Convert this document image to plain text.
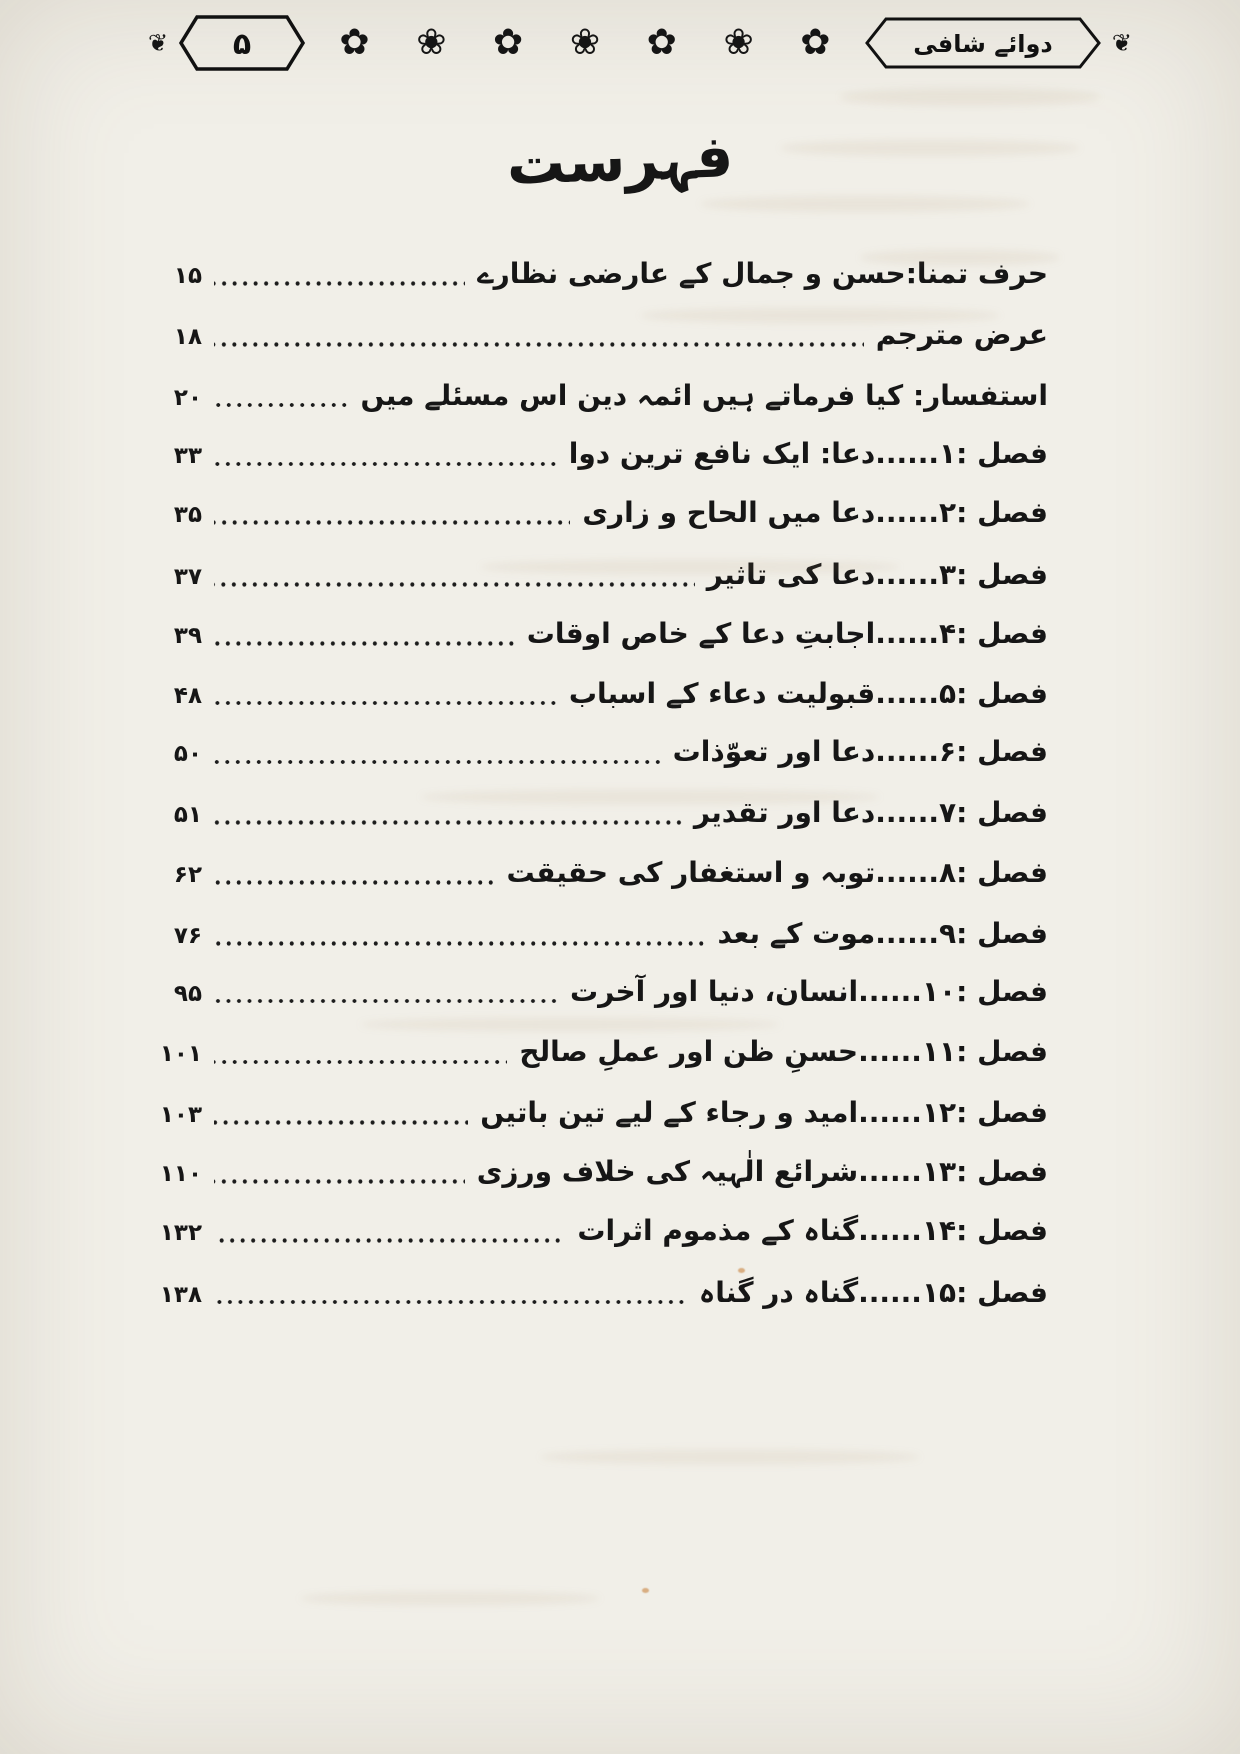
❦ ۵ ✿ ❀ ✿ ❀ ✿ ❀ ✿	دوائے شافی ❦
فہرست
حرف تمنا:حسن و جمال کے عارضی نظارے
۱۵
عرض مترجم
۱۸
استفسار: کیا فرماتے ہیں ائمہ دین اس مسئلے میں
۲۰
فصل :۱......دعا: ایک نافع ترین دوا
۳۳
فصل :۲......دعا میں الحاح و زاری
۳۵
فصل :۳......دعا کی تاثیر
۳۷
فصل :۴......اجابتِ دعا کے خاص اوقات
۳۹
فصل :۵......قبولیت دعاء کے اسباب
۴۸
فصل :۶......دعا اور تعوّذات
۵۰
فصل :۷......دعا اور تقدیر
۵۱
فصل :۸......توبہ و استغفار کی حقیقت
۶۲
فصل :۹......موت کے بعد
۷۶
فصل :۱۰......انسان، دنیا اور آخرت
۹۵
فصل :۱۱......حسنِ ظن اور عملِ صالح
۱۰۱
فصل :۱۲......امید و رجاء کے لیے تین باتیں
۱۰۳
فصل :۱۳......شرائع الٰہیہ کی خلاف ورزی
۱۱۰
فصل :۱۴......گناہ کے مذموم اثرات
۱۳۲
فصل :۱۵......گناہ در گناہ
۱۳۸
